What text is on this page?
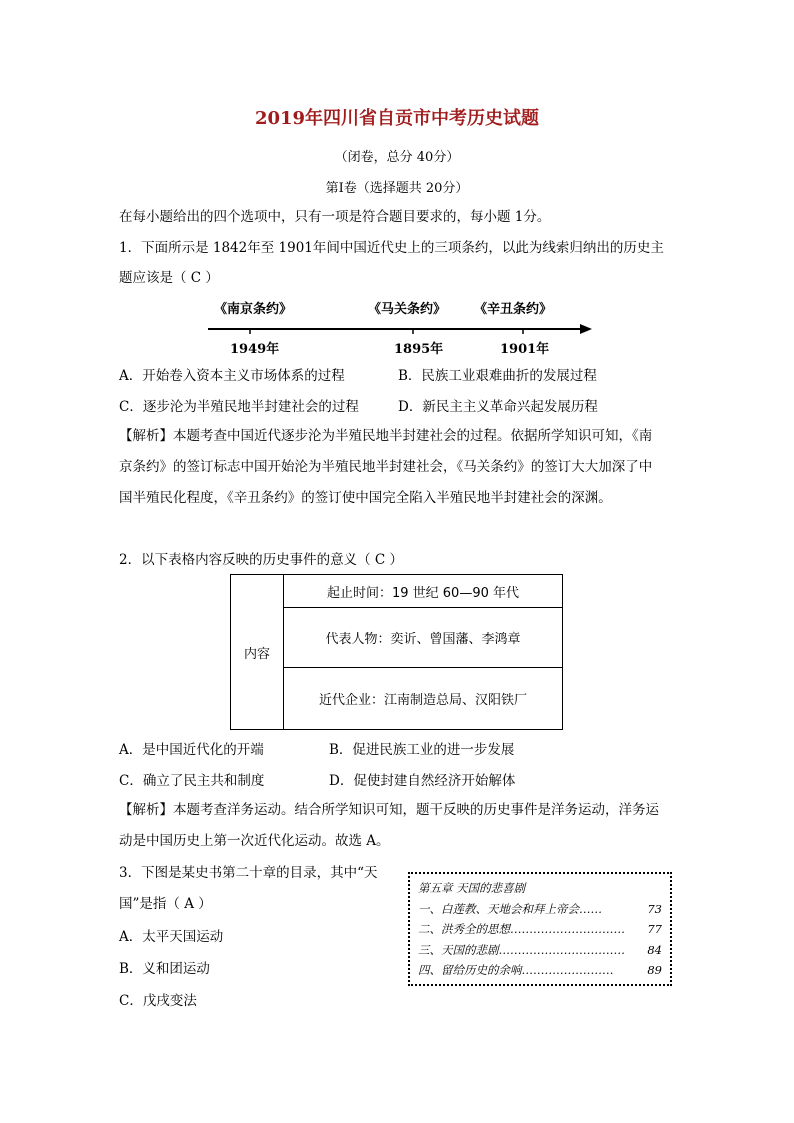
2019年四川省自贡市中考历史试题
（闭卷，总分 40分）
第Ⅰ卷（选择题共 20分）
在每小题给出的四个选项中，只有一项是符合题目要求的，每小题 1分。
1．下面所示是 1842年至 1901年间中国近代史上的三项条约，以此为线索归纳出的历史主
题应该是（ C ）
《南京条约》	《马关条约》 《辛丑条约》
1949年	1895年	1901年
A．开始卷入资本主义市场体系的过程	B．民族工业艰难曲折的发展过程
C．逐步沦为半殖民地半封建社会的过程	D．新民主主义革命兴起发展历程
【解析】本题考查中国近代逐步沦为半殖民地半封建社会的过程。依据所学知识可知，《南
京条约》的签订标志中国开始沦为半殖民地半封建社会，《马关条约》的签订大大加深了中
国半殖民化程度，《辛丑条约》的签订使中国完全陷入半殖民地半封建社会的深渊。
2．以下表格内容反映的历史事件的意义（ C ）
内容	起止时间：19 世纪 60—90 年代
代表人物：奕䜣、曾国藩、李鸿章
近代企业：江南制造总局、汉阳铁厂
A．是中国近代化的开端	B．促进民族工业的进一步发展
C．确立了民主共和制度	D．促使封建自然经济开始解体
【解析】本题考查洋务运动。结合所学知识可知，题干反映的历史事件是洋务运动，洋务运
动是中国历史上第一次近代化运动。故选 A。
3．下图是某史书第二十章的目录，其中“天
国”是指（ A ）
A．太平天国运动
B．义和团运动
C．戊戌变法
第五章 天国的悲喜剧
一、白莲教、天地会和拜上帝会……	73
二、洪秀全的思想………………………… 77
三、天国的悲剧…………………………… 84
四、留给历史的余响……………………	89
